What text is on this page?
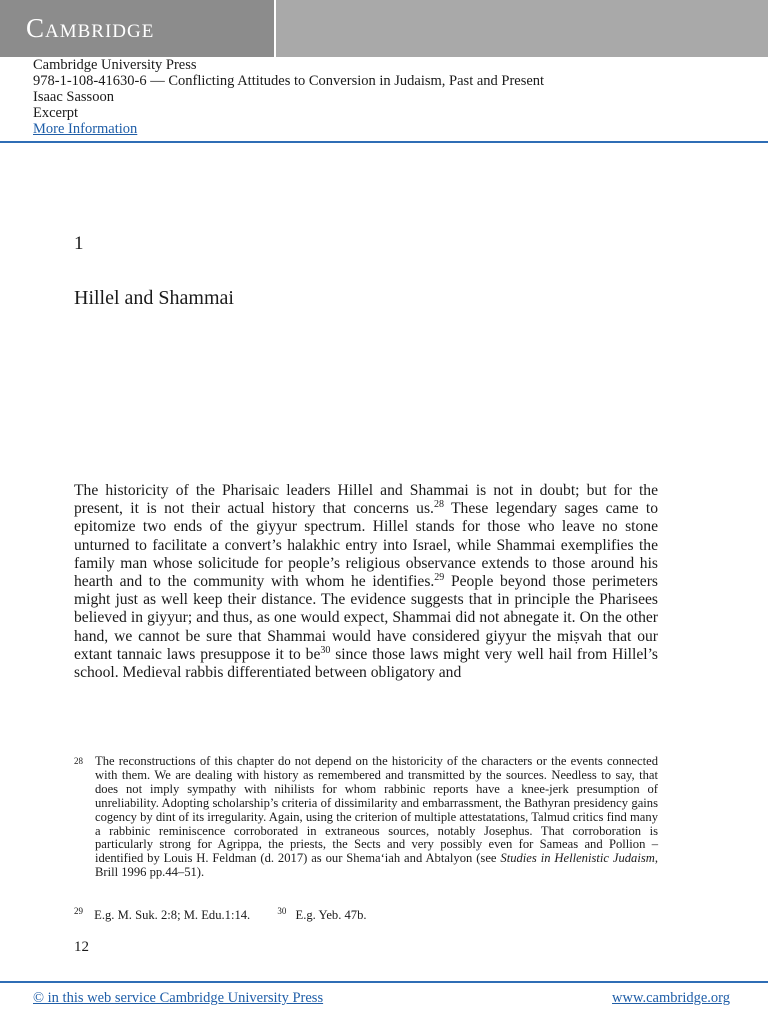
Cambridge
Cambridge University Press
978-1-108-41630-6 — Conflicting Attitudes to Conversion in Judaism, Past and Present
Isaac Sassoon
Excerpt
More Information
1
Hillel and Shammai

The historicity of the Pharisaic leaders Hillel and Shammai is not in doubt; but for the present, it is not their actual history that concerns us.$^{28}$ These legendary sages came to epitomize two ends of the giyyur spectrum. Hillel stands for those who leave no stone unturned to facilitate a convert’s halakhic entry into Israel, while Shammai exemplifies the family man whose solicitude for people’s religious observance extends to those around his hearth and to the community with whom he identifies.$^{29}$ People beyond those perimeters might just as well keep their distance. The evidence suggests that in principle the Pharisees believed in giyyur; and thus, as one would expect, Shammai did not abnegate it. On the other hand, we cannot be sure that Shammai would have considered giyyur the miṣvah that our extant tannaic laws presuppose it to $be^{30}$ since those laws might very well hail from Hillel’s school. Medieval rabbis differentiated between obligatory and

28 The reconstructions of this chapter do not depend on the historicity of the characters or the events connected with them. We are dealing with history as remembered and transmitted by the sources. Needless to say, that does not imply sympathy with nihilists for whom rabbinic reports have a knee-jerk presumption of unreliability. Adopting scholarship’s criteria of dissimilarity and embarrassment, the Bathyran presidency gains cogency by dint of its irregularity. Again, using the criterion of multiple attestatations, Talmud critics find many a rabbinic reminiscence corroborated in extraneous sources, notably Josephus. That corroboration is particularly strong for Agrippa, the priests, the Sects and very possibly even for Sameas and Pollion – identified by Louis H. Feldman (d. 2017) as our Shema‘iah and Abtalyon (see Studies in Hellenistic Judaism, Brill 1996 pp.44–51).
$^{29}$ E.g. M. Suk. 2:8; M. Edu.1:14.	$^{30}$ E.g. Yeb. 47b.
12
© in this web service Cambridge University Press	www.cambridge.org
